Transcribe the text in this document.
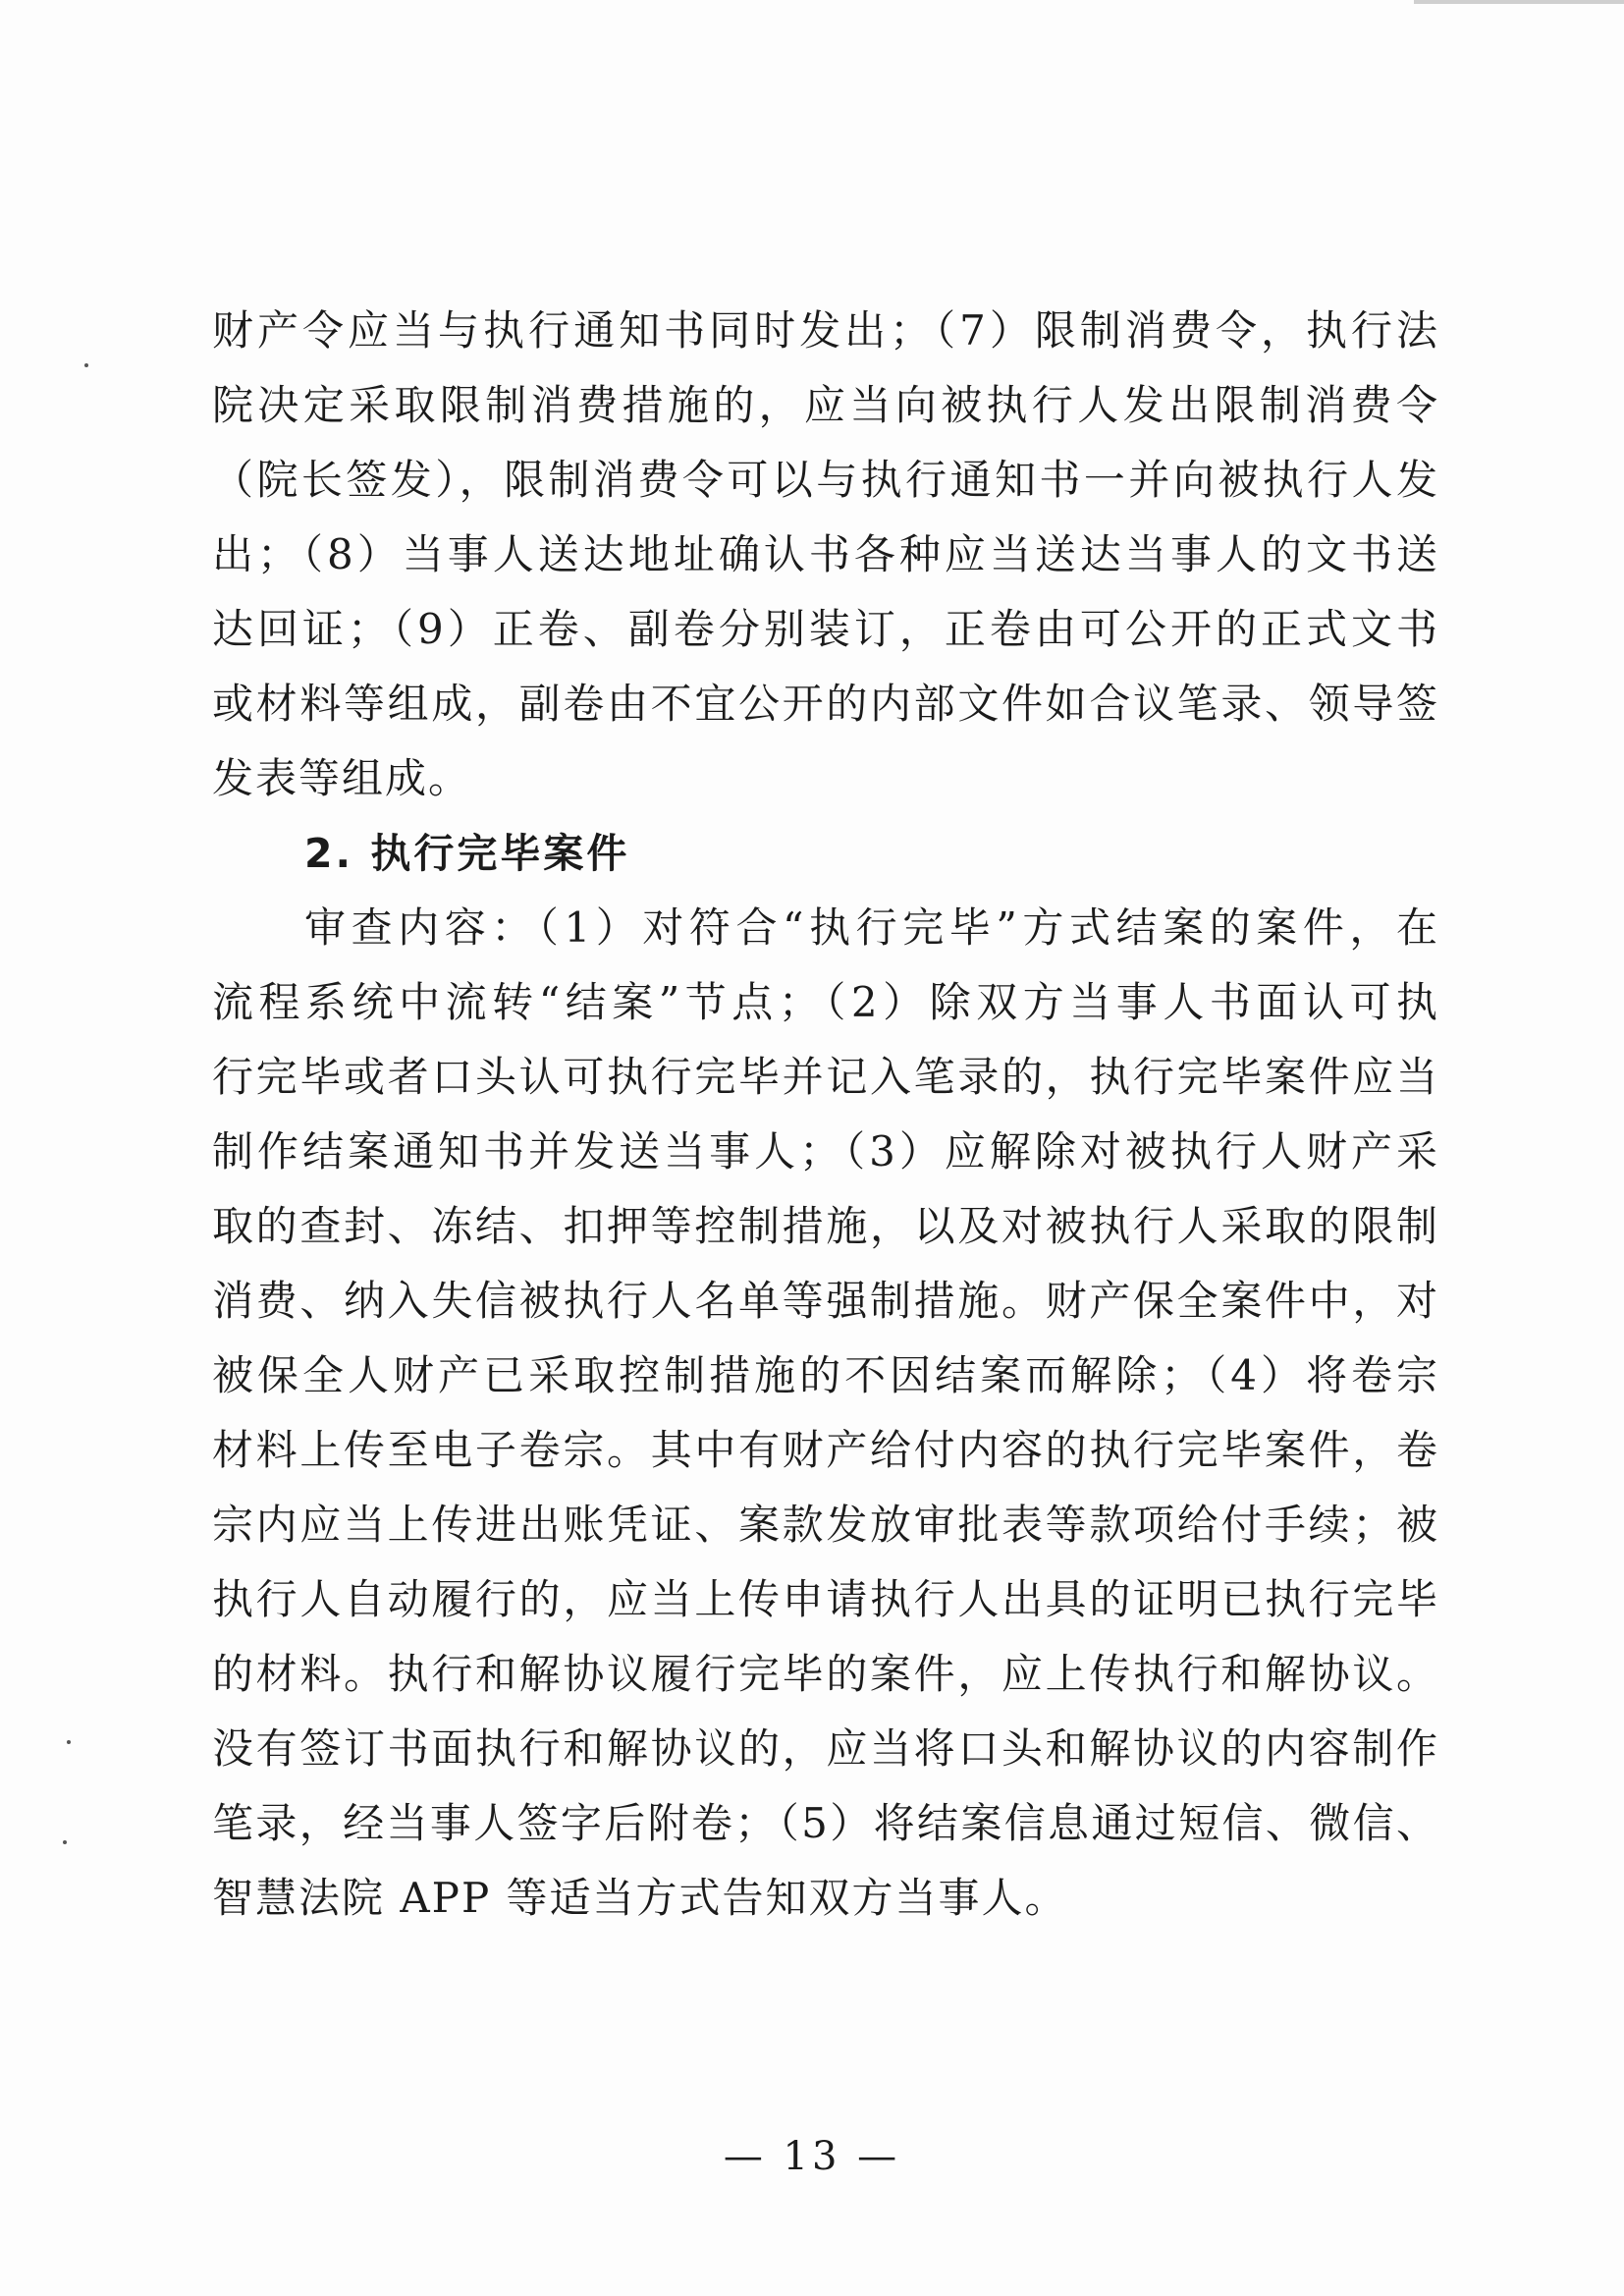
财产令应当与执行通知书同时发出；（7）限制消费令，执行法
院决定采取限制消费措施的，应当向被执行人发出限制消费令
（院长签发），限制消费令可以与执行通知书一并向被执行人发
出；（8）当事人送达地址确认书各种应当送达当事人的文书送
达回证；（9）正卷、副卷分别装订，正卷由可公开的正式文书
或材料等组成，副卷由不宜公开的内部文件如合议笔录、领导签
发表等组成。
2. 执行完毕案件
审查内容：（1）对符合“执行完毕”方式结案的案件，在
流程系统中流转“结案”节点；（2）除双方当事人书面认可执
行完毕或者口头认可执行完毕并记入笔录的，执行完毕案件应当
制作结案通知书并发送当事人；（3）应解除对被执行人财产采
取的查封、冻结、扣押等控制措施，以及对被执行人采取的限制
消费、纳入失信被执行人名单等强制措施。财产保全案件中，对
被保全人财产已采取控制措施的不因结案而解除；（4）将卷宗
材料上传至电子卷宗。其中有财产给付内容的执行完毕案件，卷
宗内应当上传进出账凭证、案款发放审批表等款项给付手续；被
执行人自动履行的，应当上传申请执行人出具的证明已执行完毕
的材料。执行和解协议履行完毕的案件，应上传执行和解协议。
没有签订书面执行和解协议的，应当将口头和解协议的内容制作
笔录，经当事人签字后附卷；（5）将结案信息通过短信、微信、
智慧法院 APP 等适当方式告知双方当事人。
— 13 —
